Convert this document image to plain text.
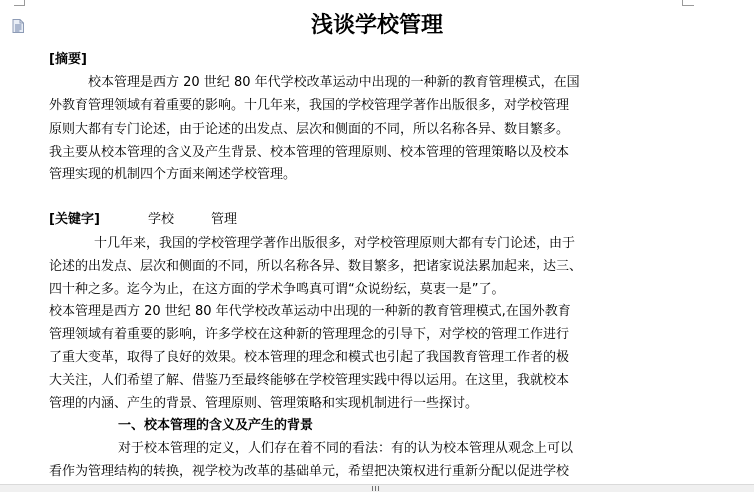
浅谈学校管理
[摘要]
校本管理是西方 20 世纪 80 年代学校改革运动中出现的一种新的教育管理模式，在国
外教育管理领域有着重要的影响。十几年来，我国的学校管理学著作出版很多，对学校管理
原则大都有专门论述，由于论述的出发点、层次和侧面的不同，所以名称各异、数目繁多。
我主要从校本管理的含义及产生背景、校本管理的管理原则、校本管理的管理策略以及校本
管理实现的机制四个方面来阐述学校管理。
[关键字]	学校	管理
十几年来，我国的学校管理学著作出版很多，对学校管理原则大都有专门论述，由于
论述的出发点、层次和侧面的不同，所以名称各异、数目繁多，把诸家说法累加起来，达三、
四十种之多。迄今为止，在这方面的学术争鸣真可谓“众说纷纭，莫衷一是”了。
校本管理是西方 20 世纪 80 年代学校改革运动中出现的一种新的教育管理模式,在国外教育
管理领域有着重要的影响，许多学校在这种新的管理理念的引导下，对学校的管理工作进行
了重大变革，取得了良好的效果。校本管理的理念和模式也引起了我国教育管理工作者的极
大关注，人们希望了解、借鉴乃至最终能够在学校管理实践中得以运用。在这里，我就校本
管理的内涵、产生的背景、管理原则、管理策略和实现机制进行一些探讨。
一、校本管理的含义及产生的背景
对于校本管理的定义，人们存在着不同的看法：有的认为校本管理从观念上可以
看作为管理结构的转换，视学校为改革的基础单元，希望把决策权进行重新分配以促进学校
